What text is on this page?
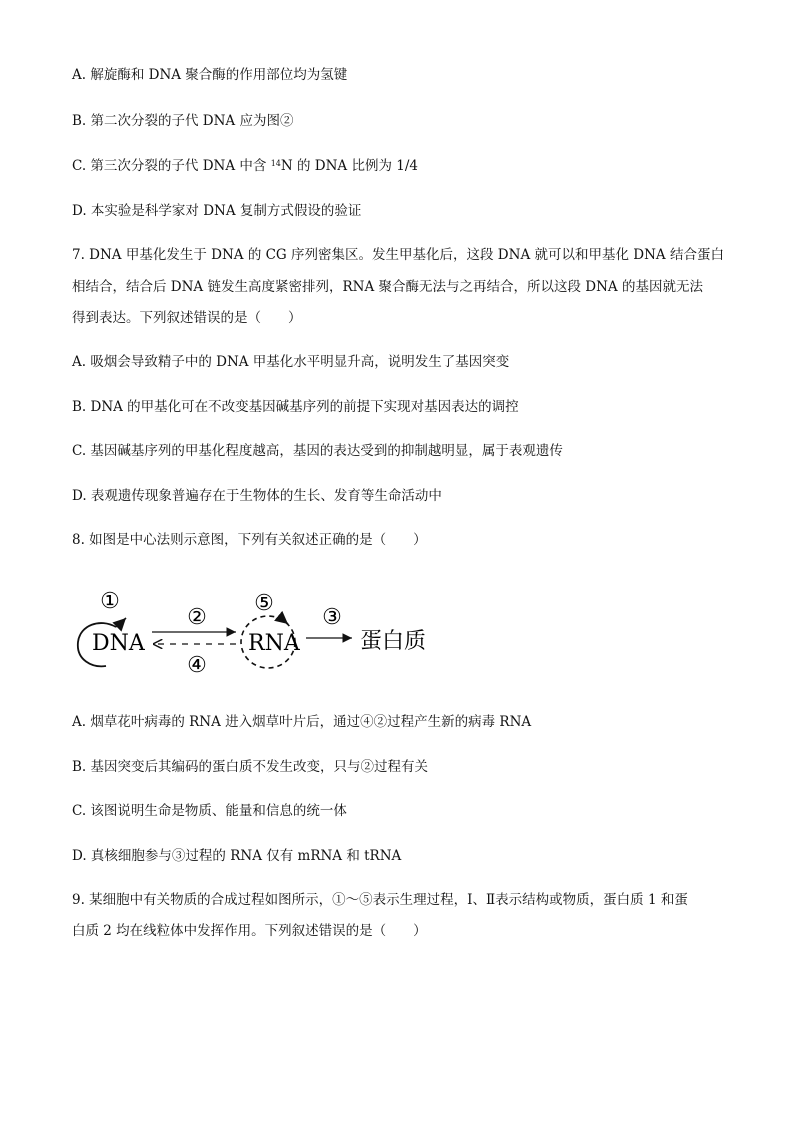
A. 解旋酶和 DNA 聚合酶的作用部位均为氢键
B. 第二次分裂的子代 DNA 应为图②
C. 第三次分裂的子代 DNA 中含 $^{14}$N 的 DNA 比例为 1/4
D. 本实验是科学家对 DNA 复制方式假设的验证
7. DNA 甲基化发生于 DNA 的 CG 序列密集区。发生甲基化后，这段 DNA 就可以和甲基化 DNA 结合蛋白
相结合，结合后 DNA 链发生高度紧密排列，RNA 聚合酶无法与之再结合，所以这段 DNA 的基因就无法
得到表达。下列叙述错误的是（　　）
A. 吸烟会导致精子中的 DNA 甲基化水平明显升高，说明发生了基因突变
B. DNA 的甲基化可在不改变基因碱基序列的前提下实现对基因表达的调控
C. 基因碱基序列的甲基化程度越高，基因的表达受到的抑制越明显，属于表观遗传
D. 表观遗传现象普遍存在于生物体的生长、发育等生命活动中
8. 如图是中心法则示意图，下列有关叙述正确的是（　　）
①
DNA
②
④
⑤
RNA
③
蛋白质
A. 烟草花叶病毒的 RNA 进入烟草叶片后，通过④②过程产生新的病毒 RNA
B. 基因突变后其编码的蛋白质不发生改变，只与②过程有关
C. 该图说明生命是物质、能量和信息的统一体
D. 真核细胞参与③过程的 RNA 仅有 mRNA 和 tRNA
9. 某细胞中有关物质的合成过程如图所示，①～⑤表示生理过程，Ⅰ、Ⅱ表示结构或物质，蛋白质 1 和蛋
白质 2 均在线粒体中发挥作用。下列叙述错误的是（　　）
